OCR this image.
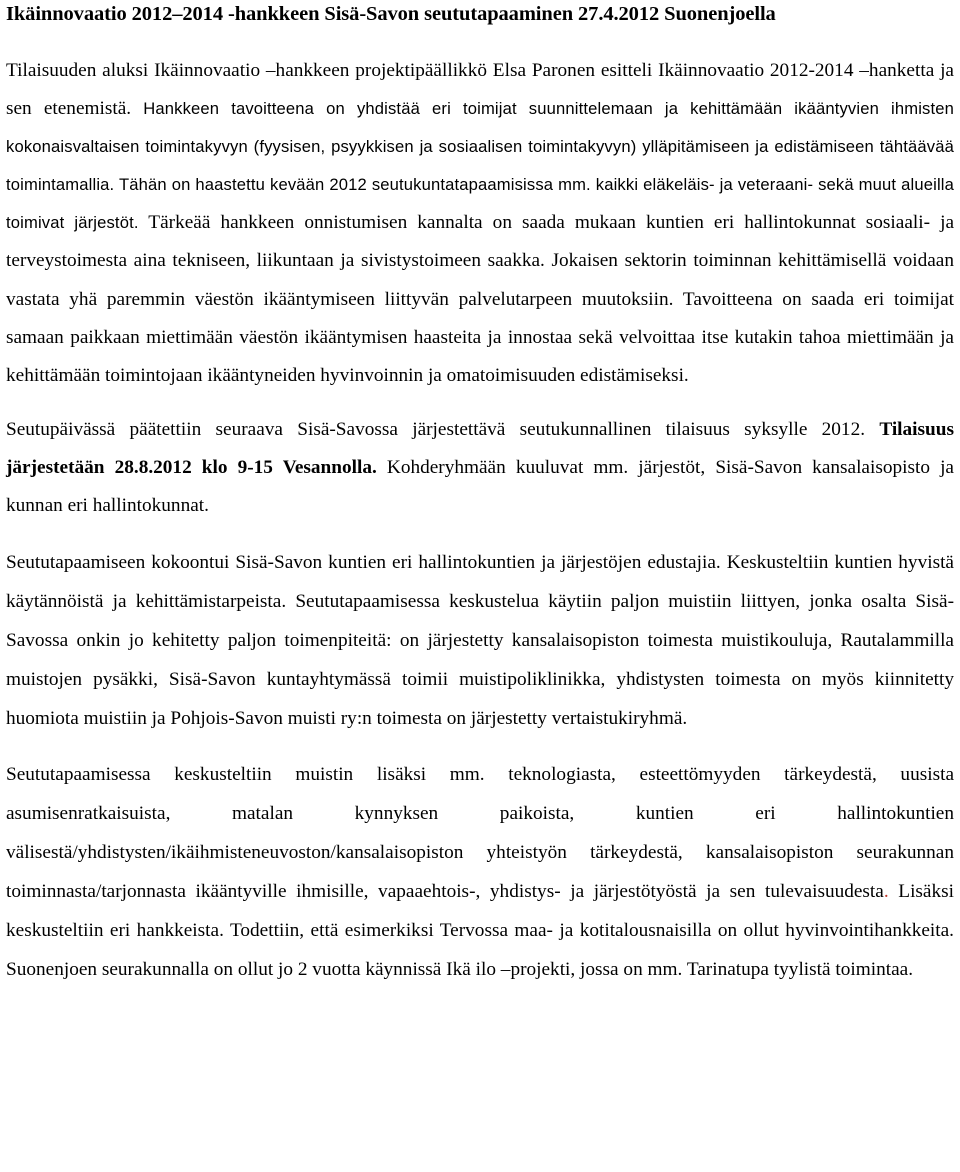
Ikäinnovaatio 2012–2014 -hankkeen Sisä-Savon seututapaaminen 27.4.2012 Suonenjoella

Tilaisuuden aluksi Ikäinnovaatio –hankkeen projektipäällikkö Elsa Paronen esitteli Ikäinnovaatio 2012-2014 –hanketta ja sen etenemistä. Hankkeen tavoitteena on yhdistää eri toimijat suunnittelemaan ja kehittämään ikääntyvien ihmisten kokonaisvaltaisen toimintakyvyn (fyysisen, psyykkisen ja sosiaalisen toimintakyvyn) ylläpitämiseen ja edistämiseen tähtäävää toimintamallia. Tähän on haastettu kevään 2012 seutukuntatapaamisissa mm. kaikki eläkeläis- ja veteraani- sekä muut alueilla toimivat järjestöt. Tärkeää hankkeen onnistumisen kannalta on saada mukaan kuntien eri hallintokunnat sosiaali- ja terveystoimesta aina tekniseen, liikuntaan ja sivistystoimeen saakka. Jokaisen sektorin toiminnan kehittämisellä voidaan vastata yhä paremmin väestön ikääntymiseen liittyvän palvelutarpeen muutoksiin. Tavoitteena on saada eri toimijat samaan paikkaan miettimään väestön ikääntymisen haasteita ja innostaa sekä velvoittaa itse kutakin tahoa miettimään ja kehittämään toimintojaan ikääntyneiden hyvinvoinnin ja omatoimisuuden edistämiseksi.

Seutupäivässä päätettiin seuraava Sisä-Savossa järjestettävä seutukunnallinen tilaisuus syksylle 2012. Tilaisuus järjestetään 28.8.2012 klo 9-15 Vesannolla. Kohderyhmään kuuluvat mm. järjestöt, Sisä-Savon kansalaisopisto ja kunnan eri hallintokunnat.

Seututapaamiseen kokoontui Sisä-Savon kuntien eri hallintokuntien ja järjestöjen edustajia. Keskusteltiin kuntien hyvistä käytännöistä ja kehittämistarpeista. Seututapaamisessa keskustelua käytiin paljon muistiin liittyen, jonka osalta Sisä-Savossa onkin jo kehitetty paljon toimenpiteitä: on järjestetty kansalaisopiston toimesta muistikouluja, Rautalammilla muistojen pysäkki, Sisä-Savon kuntayhtymässä toimii muistipoliklinikka, yhdistysten toimesta on myös kiinnitetty huomiota muistiin ja Pohjois-Savon muisti ry:n toimesta on järjestetty vertaistukiryhmä.

Seututapaamisessa keskusteltiin muistin lisäksi mm. teknologiasta, esteettömyyden tärkeydestä, uusista asumisenratkaisuista, matalan kynnyksen paikoista, kuntien eri hallintokuntien välisestä/yhdistysten/ikäihmisteneuvoston/kansalaisopiston yhteistyön tärkeydestä, kansalaisopiston seurakunnan toiminnasta/tarjonnasta ikääntyville ihmisille, vapaaehtois-, yhdistys- ja järjestötyöstä ja sen tulevaisuudesta. Lisäksi keskusteltiin eri hankkeista. Todettiin, että esimerkiksi Tervossa maa- ja kotitalousnaisilla on ollut hyvinvointihankkeita. Suonenjoen seurakunnalla on ollut jo 2 vuotta käynnissä Ikä ilo –projekti, jossa on mm. Tarinatupa tyylistä toimintaa.
